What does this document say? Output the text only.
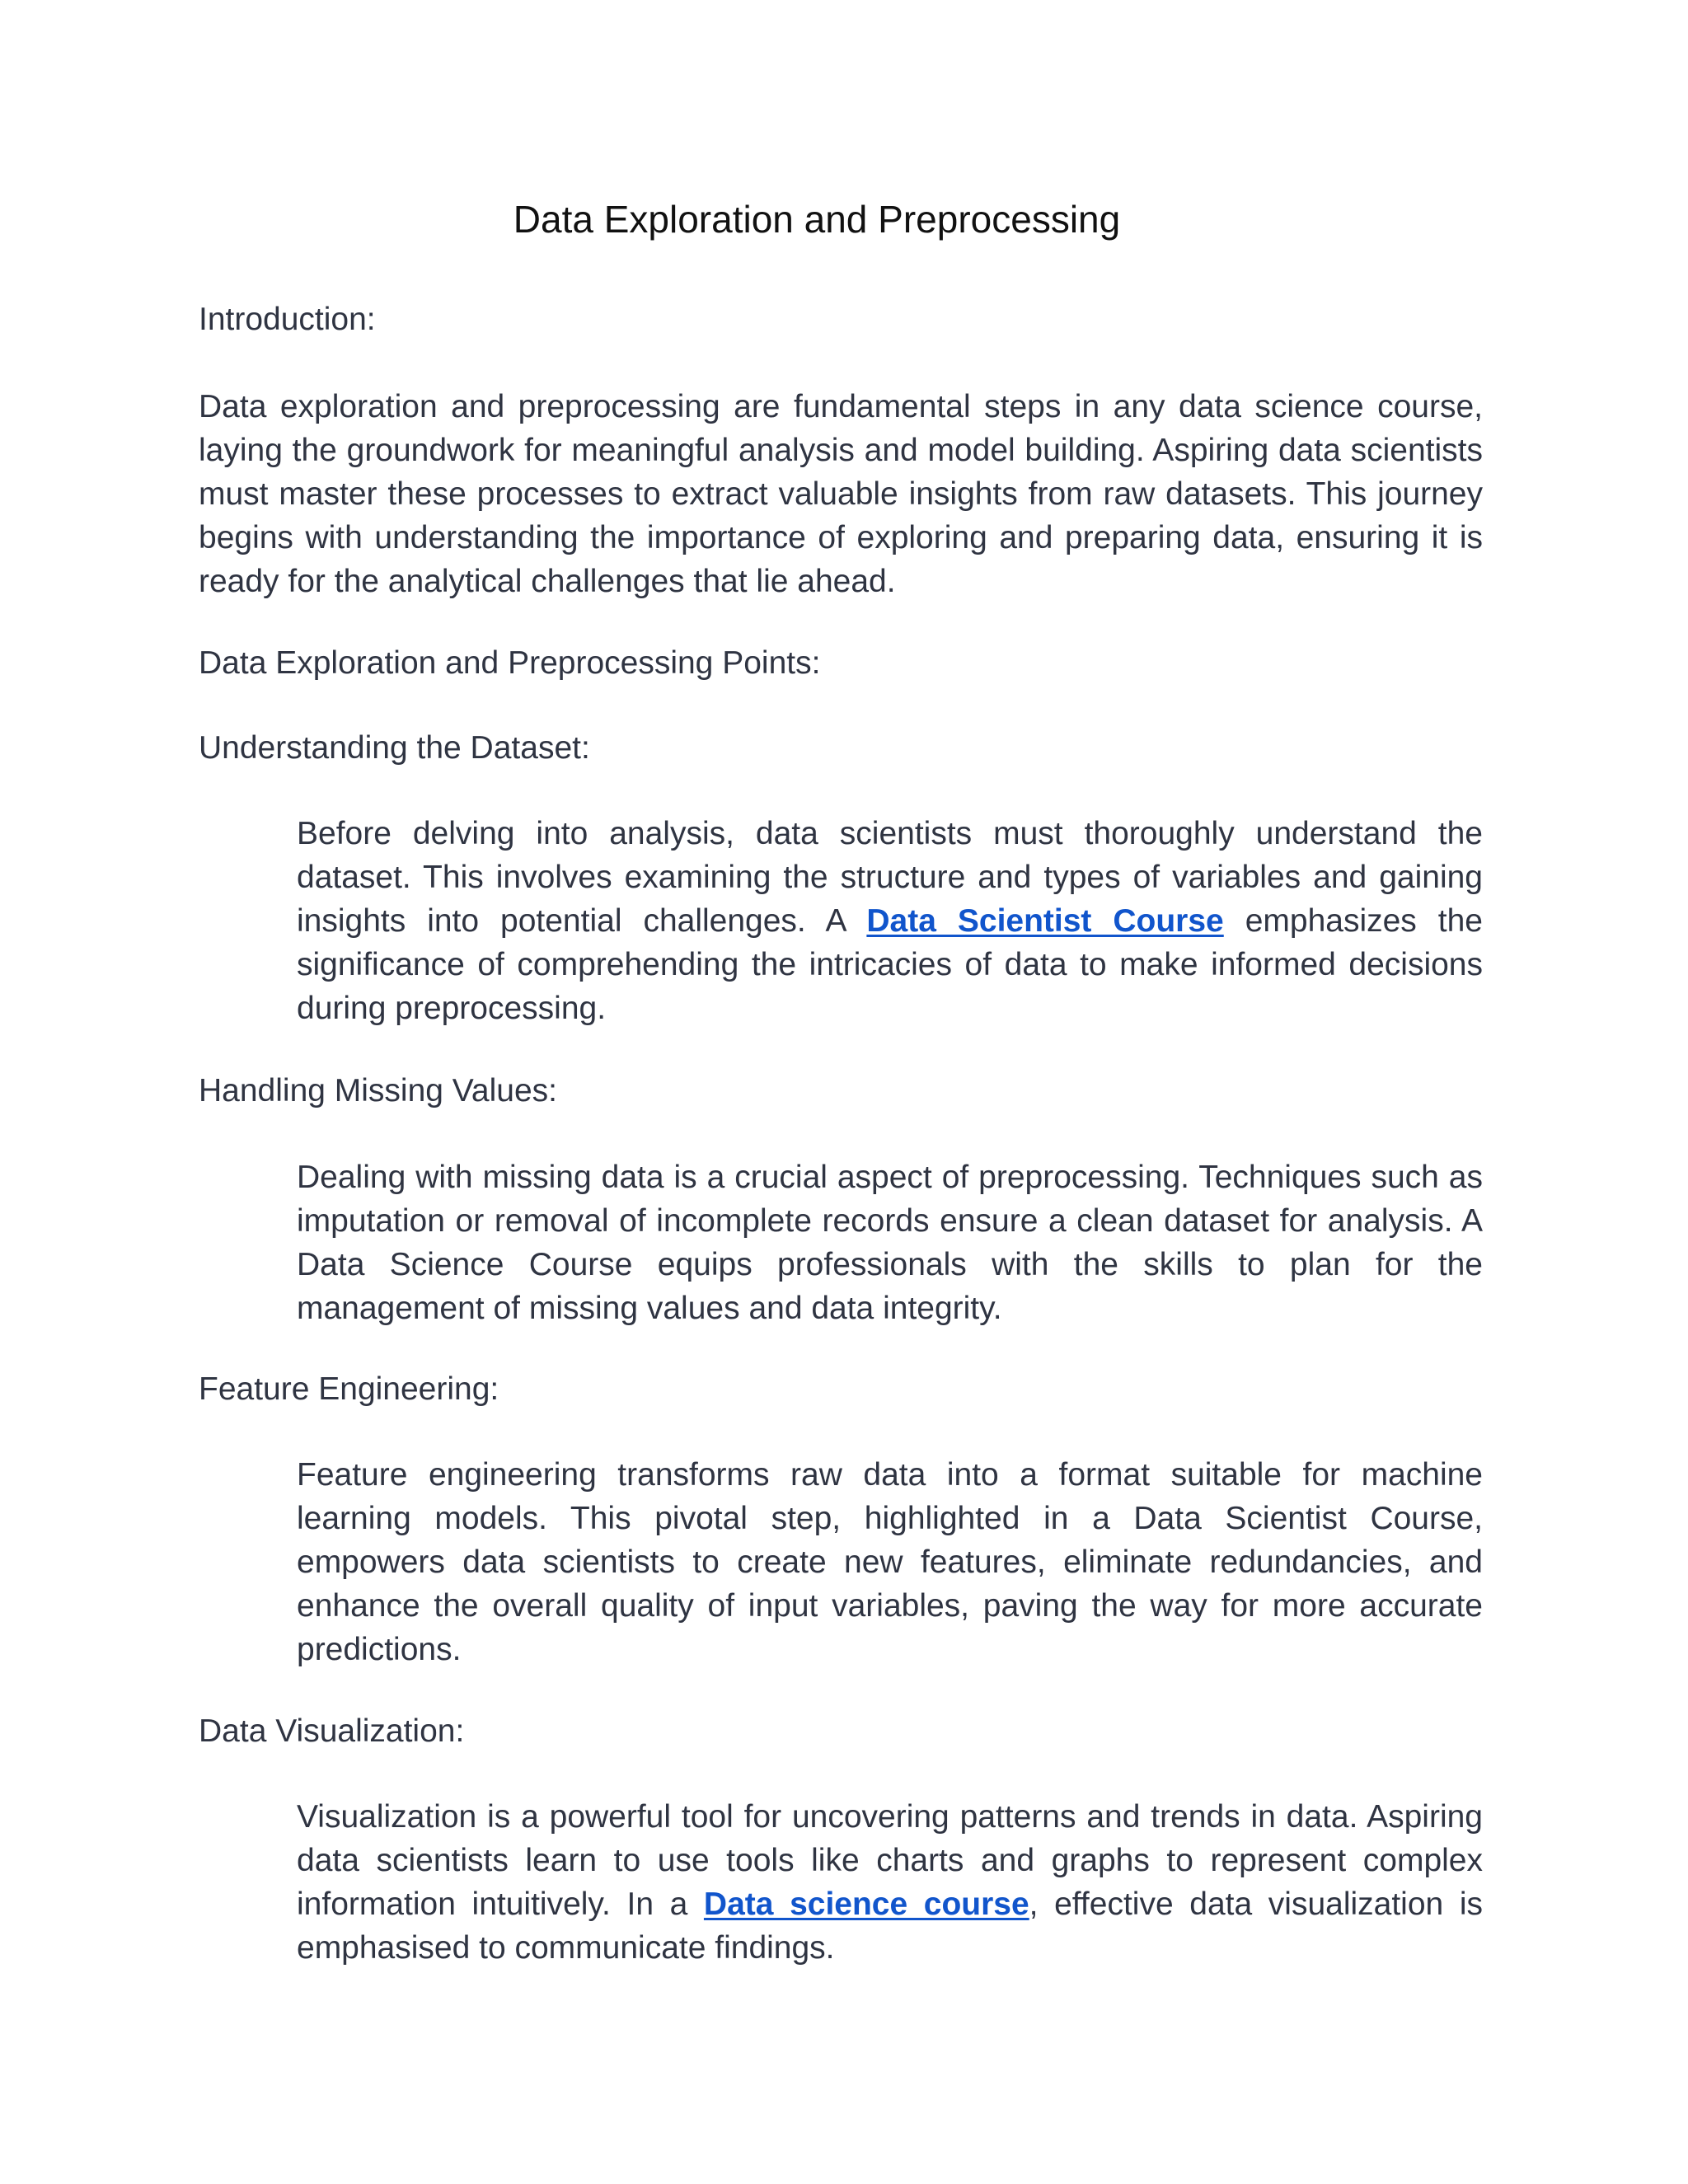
Data Exploration and Preprocessing

Introduction:

Data exploration and preprocessing are fundamental steps in any data science course, laying the groundwork for meaningful analysis and model building. Aspiring data scientists must master these processes to extract valuable insights from raw datasets. This journey begins with understanding the importance of exploring and preparing data, ensuring it is ready for the analytical challenges that lie ahead.

Data Exploration and Preprocessing Points:

Understanding the Dataset:

Before delving into analysis, data scientists must thoroughly understand the dataset. This involves examining the structure and types of variables and gaining insights into potential challenges. A Data Scientist Course emphasizes the significance of comprehending the intricacies of data to make informed decisions during preprocessing.

Handling Missing Values:

Dealing with missing data is a crucial aspect of preprocessing. Techniques such as imputation or removal of incomplete records ensure a clean dataset for analysis. A Data Science Course equips professionals with the skills to plan for the management of missing values and data integrity.

Feature Engineering:

Feature engineering transforms raw data into a format suitable for machine learning models. This pivotal step, highlighted in a Data Scientist Course, empowers data scientists to create new features, eliminate redundancies, and enhance the overall quality of input variables, paving the way for more accurate predictions.

Data Visualization:

Visualization is a powerful tool for uncovering patterns and trends in data. Aspiring data scientists learn to use tools like charts and graphs to represent complex information intuitively. In a Data science course, effective data visualization is emphasised to communicate findings.
